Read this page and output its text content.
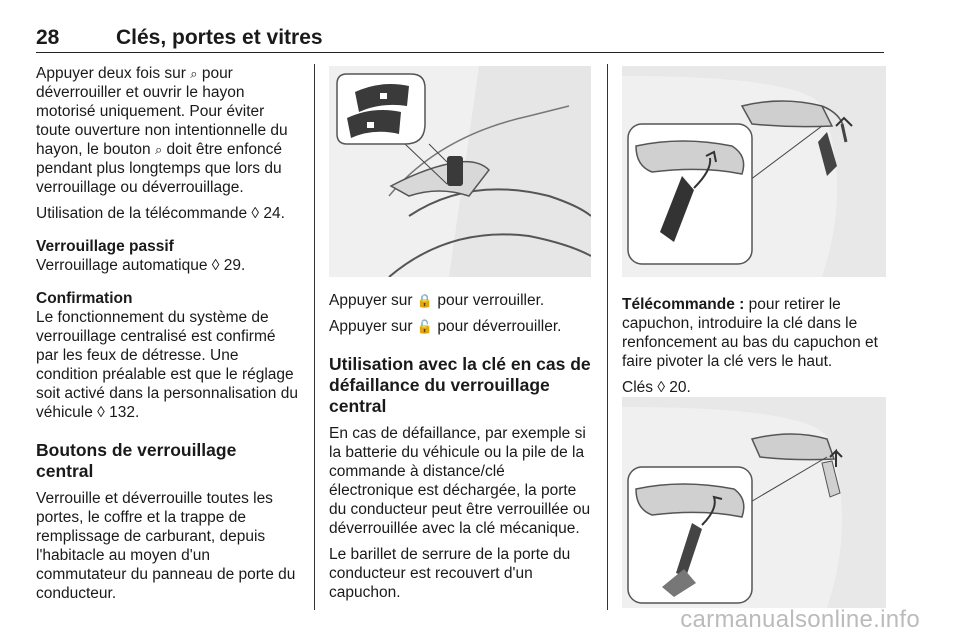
28	Clés, portes et vitres

Appuyer deux fois sur ⌕ pour déverrouiller et ouvrir le hayon motorisé uniquement. Pour éviter toute ouverture non intentionnelle du hayon, le bouton ⌕ doit être enfoncé pendant plus longtemps que lors du verrouillage ou déverrouillage.

Utilisation de la télécommande ◊ 24.

Verrouillage passif

Verrouillage automatique ◊ 29.

Confirmation

Le fonctionnement du système de verrouillage centralisé est confirmé par les feux de détresse. Une condition préalable est que le réglage soit activé dans la personnalisation du véhicule ◊ 132.

Boutons de verrouillage central

Verrouille et déverrouille toutes les portes, le coffre et la trappe de remplissage de carburant, depuis l'habitacle au moyen d'un commutateur du panneau de porte du conducteur.

Appuyer sur 🔒 pour verrouiller.

Appuyer sur 🔓 pour déverrouiller.

Utilisation avec la clé en cas de défaillance du verrouillage central

En cas de défaillance, par exemple si la batterie du véhicule ou la pile de la commande à distance/clé électronique est déchargée, la porte du conducteur peut être verrouillée ou déverrouillée avec la clé mécanique.

Le barillet de serrure de la porte du conducteur est recouvert d'un capuchon.

Télécommande : pour retirer le capuchon, introduire la clé dans le renfoncement au bas du capuchon et faire pivoter la clé vers le haut.

Clés ◊ 20.

carmanualsonline.info
